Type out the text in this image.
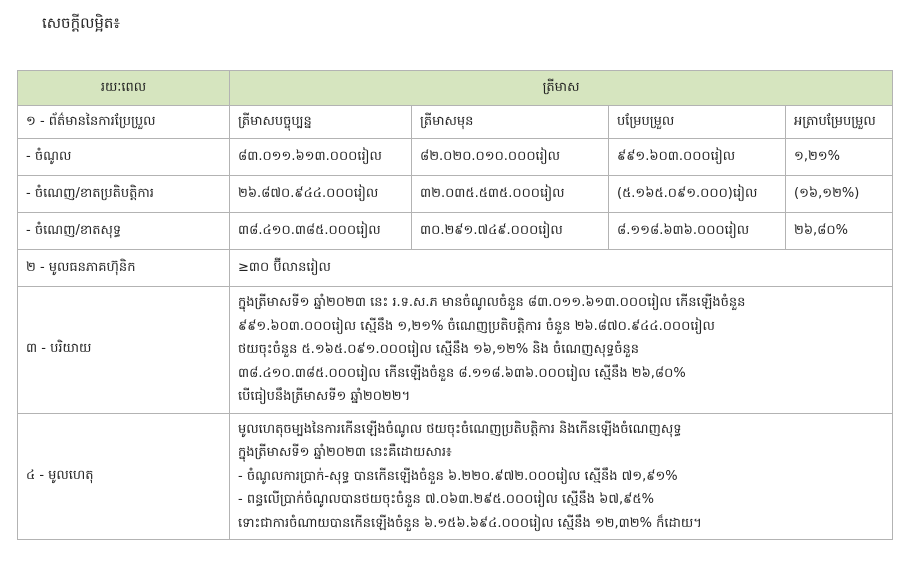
សេចក្តីលម្អិត៖
រយៈពេល	ត្រីមាស			
១ - ព័ត៌មាននៃការប្រែប្រួល	ត្រីមាសបច្ចុប្បន្ន	ត្រីមាសមុន	បម្រែបម្រួល	អត្រាបម្រែបម្រួល
- ចំណូល	៨៣.០១១.៦១៣.០០០រៀល	៨២.០២០.០១០.០០០រៀល	៩៩១.៦០៣.០០០រៀល	១,២១%
- ចំណេញ/ខាតប្រតិបត្តិការ	២៦.៨៧០.៩៤៤.០០០រៀល	៣២.០៣៥.៥៣៥.០០០រៀល	(៥.១៦៥.០៩១.០០០)រៀល	(១៦,១២%)
- ចំណេញ/ខាតសុទ្ធ	៣៨.៤១០.៣៨៥.០០០រៀល	៣០.២៩១.៧៤៩.០០០រៀល	៨.១១៨.៦៣៦.០០០រៀល	២៦,៨០%
២ - មូលធនភាគហ៊ុនិក	≥៣០ ប៊ីលានរៀល			
៣ - បរិយាយ	ក្នុងត្រីមាសទី១ ឆ្នាំ២០២៣ នេះ រ.ទ.ស.ភ មានចំណូលចំនួន ៨៣.០១១.៦១៣.០០០រៀល កើនឡើងចំនួន
៩៩១.៦០៣.០០០រៀល ស្មើនឹង ១,២១% ចំណេញប្រតិបត្តិការ ចំនួន ២៦.៨៧០.៩៤៤.០០០រៀល
ថយចុះចំនួន ៥.១៦៥.០៩១.០០០រៀល ស្មើនឹង ១៦,១២% និង ចំណេញសុទ្ធចំនួន
៣៨.៤១០.៣៨៥.០០០រៀល កើនឡើងចំនួន ៨.១១៨.៦៣៦.០០០រៀល ស្មើនឹង ២៦,៨០%
បើធៀបនឹងត្រីមាសទី១ ឆ្នាំ២០២២។			

៤ - មូលហេតុ	មូលហេតុចម្បងនៃការកើនឡើងចំណូល ថយចុះចំណេញប្រតិបត្តិការ និងកើនឡើងចំណេញសុទ្ធ
ក្នុងត្រីមាសទី១ ឆ្នាំ២០២៣ នេះគឺដោយសារ៖
- ចំណូលការប្រាក់-សុទ្ធ បានកើនឡើងចំនួន ៦.២២០.៩៧២.០០០រៀល ស្មើនឹង ៧១,៩១%
- ពន្ធលើប្រាក់ចំណូលបានថយចុះចំនួន ៧.០៦៣.២៩៥.០០០រៀល ស្មើនឹង ៦៧,៩៥%
ទោះជាការចំណាយបានកើនឡើងចំនួន ៦.១៥៦.៦៩៤.០០០រៀល ស្មើនឹង ១២,៣២% ក៏ដោយ។			
